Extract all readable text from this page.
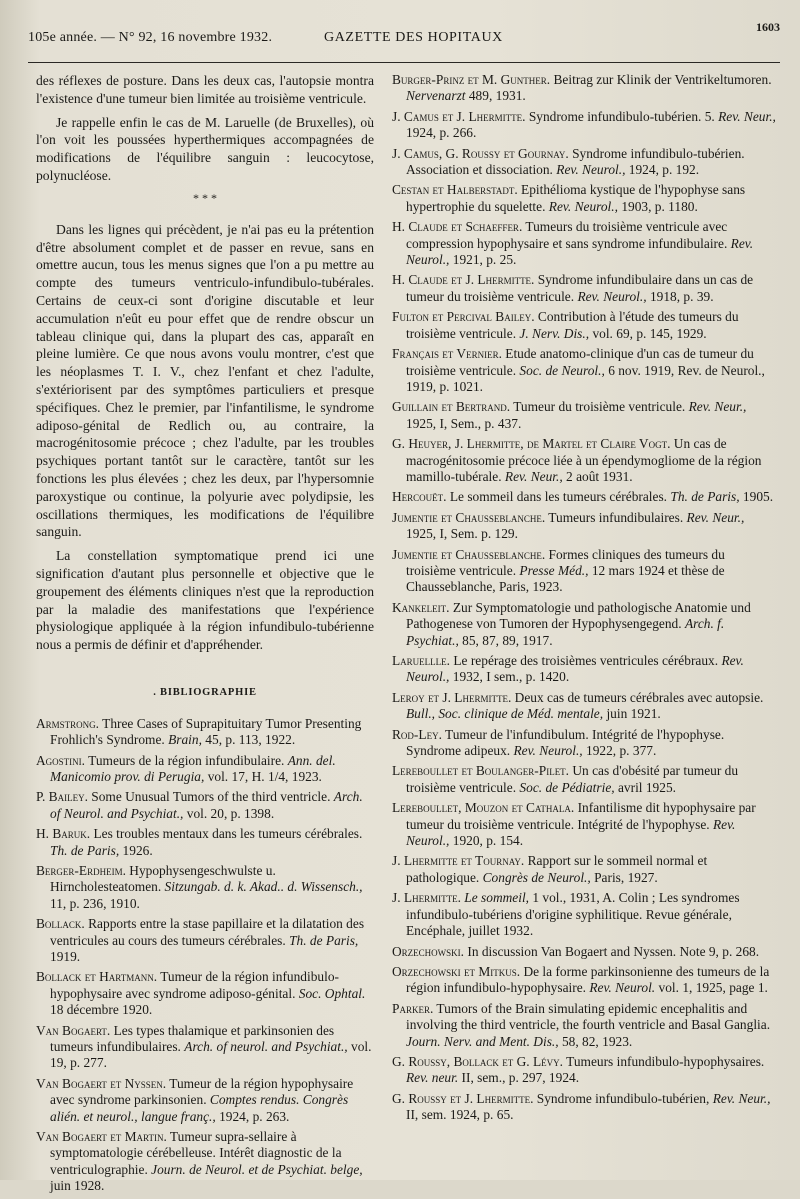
105e année. — N° 92, 16 novembre 1932.	GAZETTE DES HOPITAUX
1603

des réflexes de posture. Dans les deux cas, l'autopsie montra l'existence d'une tumeur bien limitée au troisième ventricule.

Je rappelle enfin le cas de M. Laruelle (de Bruxelles), où l'on voit les poussées hyperthermiques accompagnées de modifications de l'équilibre sanguin : leucocytose, polynucléose.

* * *

Dans les lignes qui précèdent, je n'ai pas eu la prétention d'être absolument complet et de passer en revue, sans en omettre aucun, tous les menus signes que l'on a pu mettre au compte des tumeurs ventriculo-infundibulo-tubérales. Certains de ceux-ci sont d'origine discutable et leur accumulation n'eût eu pour effet que de rendre obscur un tableau clinique qui, dans la plupart des cas, apparaît en pleine lumière. Ce que nous avons voulu montrer, c'est que les néoplasmes T. I. V., chez l'enfant et chez l'adulte, s'extériorisent par des symptômes particuliers et presque spécifiques. Chez le premier, par l'infantilisme, le syndrome adiposo-génital de Redlich ou, au contraire, la macrogénitosomie précoce ; chez l'adulte, par les troubles psychiques portant tantôt sur le caractère, tantôt sur les fonctions les plus élevées ; chez les deux, par l'hypersomnie paroxystique ou continue, la polyurie avec polydipsie, les oscillations thermiques, les modifications de l'équilibre sanguin.

La constellation symptomatique prend ici une signification d'autant plus personnelle et objective que le groupement des éléments cliniques n'est que la reproduction par la maladie des manifestations que l'expérience physiologique appliquée à la région infundibulo-tubérienne nous a permis de définir et d'appréhender.

. BIBLIOGRAPHIE
Armstrong. Three Cases of Suprapituitary Tumor Presenting Frohlich's Syndrome. Brain, 45, p. 113, 1922.
Agostini. Tumeurs de la région infundibulaire. Ann. del. Manicomio prov. di Perugia, vol. 17, H. 1/4, 1923.
P. Bailey. Some Unusual Tumors of the third ventricle. Arch. of Neurol. and Psychiat., vol. 20, p. 1398.
H. Baruk. Les troubles mentaux dans les tumeurs cérébrales. Th. de Paris, 1926.
Berger-Erdheim. Hypophysengeschwulste u. Hirncholesteatomen. Sitzungab. d. k. Akad.. d. Wissensch., 11, p. 236, 1910.
Bollack. Rapports entre la stase papillaire et la dilatation des ventricules au cours des tumeurs cérébrales. Th. de Paris, 1919.
Bollack et Hartmann. Tumeur de la région infundibulo-hypophysaire avec syndrome adiposo-génital. Soc. Ophtal. 18 décembre 1920.
Van Bogaert. Les types thalamique et parkinsonien des tumeurs infundibulaires. Arch. of neurol. and Psychiat., vol. 19, p. 277.
Van Bogaert et Nyssen. Tumeur de la région hypophysaire avec syndrome parkinsonien. Comptes rendus. Congrès alién. et neurol., langue franç., 1924, p. 263.
Van Bogaert et Martin. Tumeur supra-sellaire à symptomatologie cérébelleuse. Intérêt diagnostic de la ventriculographie. Journ. de Neurol. et de Psychiat. belge, juin 1928.
Burger-Prinz et M. Gunther. Beitrag zur Klinik der Ventrikeltumoren. Nervenarzt 489, 1931.
J. Camus et J. Lhermitte. Syndrome infundibulo-tubérien. 5. Rev. Neur., 1924, p. 266.
J. Camus, G. Roussy et Gournay. Syndrome infundibulo-tubérien. Association et dissociation. Rev. Neurol., 1924, p. 192.
Cestan et Halberstadt. Epithélioma kystique de l'hypophyse sans hypertrophie du squelette. Rev. Neurol., 1903, p. 1180.
H. Claude et Schaeffer. Tumeurs du troisième ventricule avec compression hypophysaire et sans syndrome infundibulaire. Rev. Neurol., 1921, p. 25.
H. Claude et J. Lhermitte. Syndrome infundibulaire dans un cas de tumeur du troisième ventricule. Rev. Neurol., 1918, p. 39.
Fulton et Percival Bailey. Contribution à l'étude des tumeurs du troisième ventricule. J. Nerv. Dis., vol. 69, p. 145, 1929.
Français et Vernier. Etude anatomo-clinique d'un cas de tumeur du troisième ventricule. Soc. de Neurol., 6 nov. 1919, Rev. de Neurol., 1919, p. 1021.
Guillain et Bertrand. Tumeur du troisième ventricule. Rev. Neur., 1925, I, Sem., p. 437.
G. Heuyer, J. Lhermitte, de Martel et Claire Vogt. Un cas de macrogénitosomie précoce liée à un épendymogliome de la région mamillo-tubérale. Rev. Neur., 2 août 1931.
Hercouët. Le sommeil dans les tumeurs cérébrales. Th. de Paris, 1905.
Jumentie et Chausseblanche. Tumeurs infundibulaires. Rev. Neur., 1925, I, Sem. p. 129.
Jumentie et Chausseblanche. Formes cliniques des tumeurs du troisième ventricule. Presse Méd., 12 mars 1924 et thèse de Chausseblanche, Paris, 1923.
Kankeleit. Zur Symptomatologie und pathologische Anatomie und Pathogenese von Tumoren der Hypophysengegend. Arch. f. Psychiat., 85, 87, 89, 1917.
Laruellle. Le repérage des troisièmes ventricules cérébraux. Rev. Neurol., 1932, I sem., p. 1420.
Leroy et J. Lhermitte. Deux cas de tumeurs cérébrales avec autopsie. Bull., Soc. clinique de Méd. mentale, juin 1921.
Rod-Ley. Tumeur de l'infundibulum. Intégrité de l'hypophyse. Syndrome adipeux. Rev. Neurol., 1922, p. 377.
Lereboullet et Boulanger-Pilet. Un cas d'obésité par tumeur du troisième ventricule. Soc. de Pédiatrie, avril 1925.
Lereboullet, Mouzon et Cathala. Infantilisme dit hypophysaire par tumeur du troisième ventricule. Intégrité de l'hypophyse. Rev. Neurol., 1920, p. 154.
J. Lhermitte et Tournay. Rapport sur le sommeil normal et pathologique. Congrès de Neurol., Paris, 1927.
J. Lhermitte. Le sommeil, 1 vol., 1931, A. Colin ; Les syndromes infundibulo-tubériens d'origine syphilitique. Revue générale, Encéphale, juillet 1932.
Orzechowski. In discussion Van Bogaert and Nyssen. Note 9, p. 268.
Orzechowski et Mitkus. De la forme parkinsonienne des tumeurs de la région infundibulo-hypophysaire. Rev. Neurol. vol. 1, 1925, page 1.
Parker. Tumors of the Brain simulating epidemic encephalitis and involving the third ventricle, the fourth ventricle and Basal Ganglia. Journ. Nerv. and Ment. Dis., 58, 82, 1923.
G. Roussy, Bollack et G. Lévy. Tumeurs infundibulo-hypophysaires. Rev. neur. II, sem., p. 297, 1924.
G. Roussy et J. Lhermitte. Syndrome infundibulo-tubérien, Rev. Neur., II, sem. 1924, p. 65.
